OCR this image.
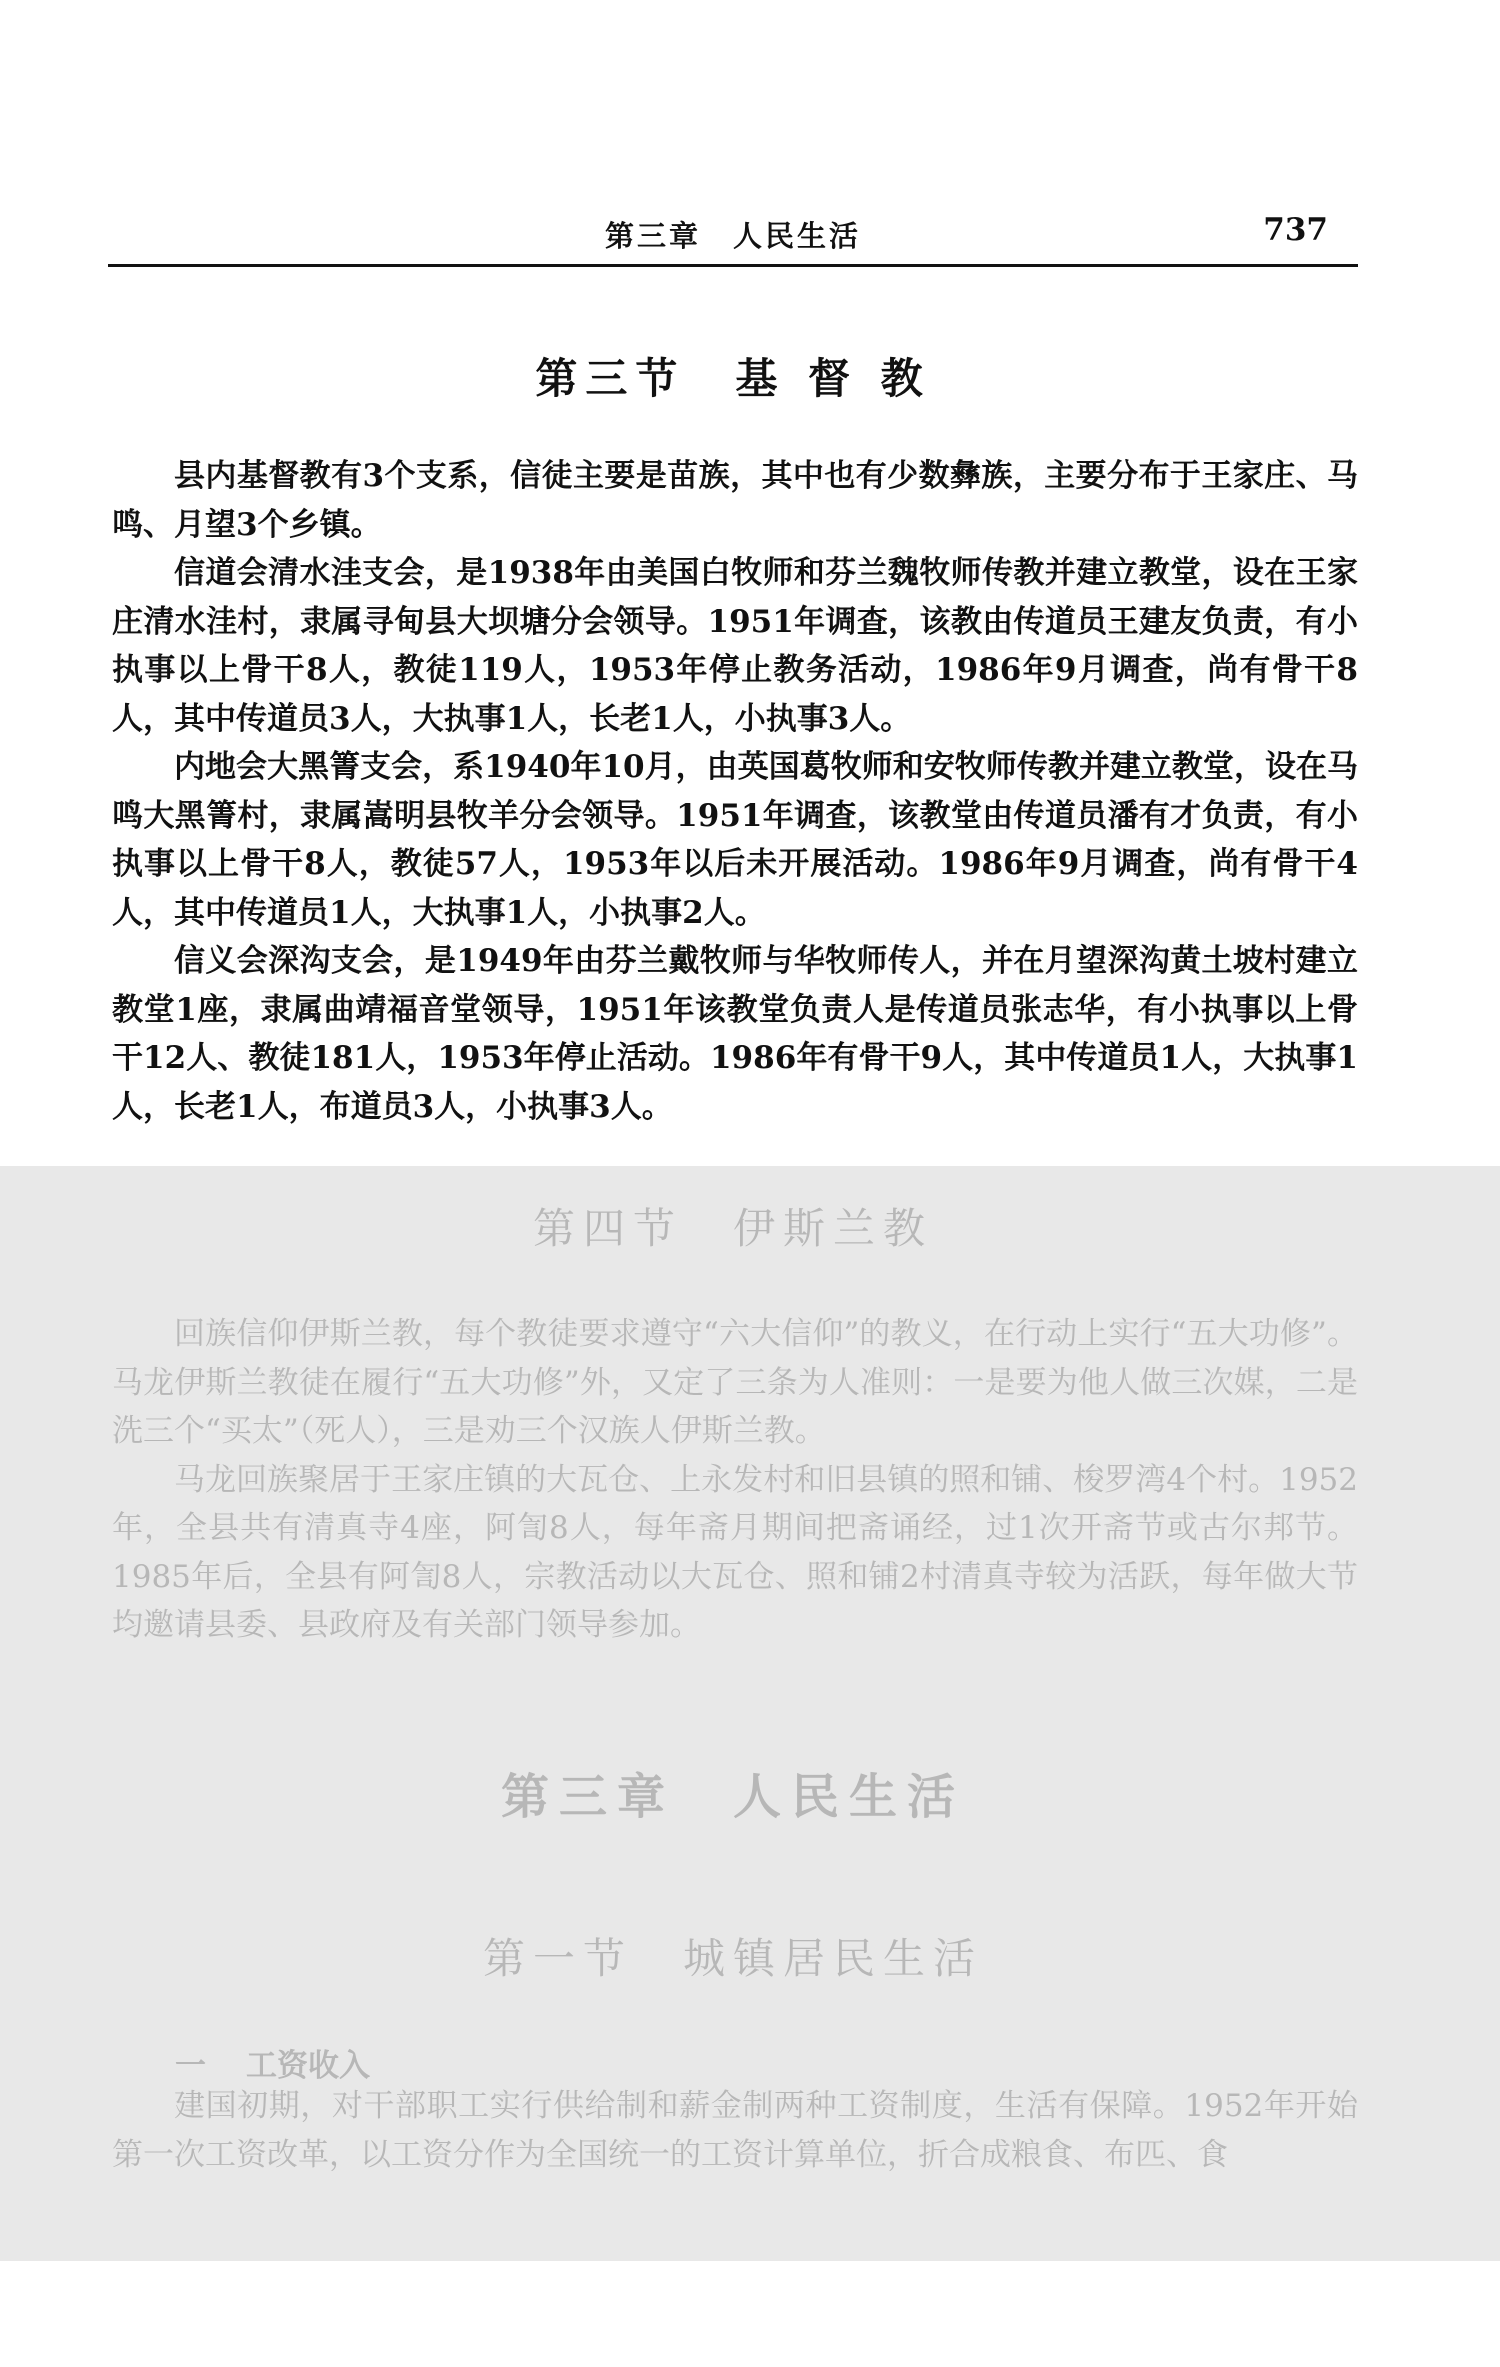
第三章　人民生活	737
第三节　基 督 教

县内基督教有3个支系，信徒主要是苗族，其中也有少数彝族，主要分布于王家庄、马鸣、月望3个乡镇。

信道会清水洼支会，是1938年由美国白牧师和芬兰魏牧师传教并建立教堂，设在王家庄清水洼村，隶属寻甸县大坝塘分会领导。1951年调查，该教由传道员王建友负责，有小执事以上骨干8人，教徒119人，1953年停止教务活动，1986年9月调查，尚有骨干8人，其中传道员3人，大执事1人，长老1人，小执事3人。

内地会大黑箐支会，系1940年10月，由英国葛牧师和安牧师传教并建立教堂，设在马鸣大黑箐村，隶属嵩明县牧羊分会领导。1951年调查，该教堂由传道员潘有才负责，有小执事以上骨干8人，教徒57人，1953年以后未开展活动。1986年9月调查，尚有骨干4人，其中传道员1人，大执事1人，小执事2人。

信义会深沟支会，是1949年由芬兰戴牧师与华牧师传人，并在月望深沟黄土坡村建立教堂1座，隶属曲靖福音堂领导，1951年该教堂负责人是传道员张志华，有小执事以上骨干12人、教徒181人，1953年停止活动。1986年有骨干9人，其中传道员1人，大执事1人，长老1人，布道员3人，小执事3人。

第四节　伊斯兰教

回族信仰伊斯兰教，每个教徒要求遵守“六大信仰”的教义，在行动上实行“五大功修”。马龙伊斯兰教徒在履行“五大功修”外，又定了三条为人准则：一是要为他人做三次媒，二是洗三个“买太”（死人），三是劝三个汉族人伊斯兰教。

马龙回族聚居于王家庄镇的大瓦仓、上永发村和旧县镇的照和铺、梭罗湾4个村。1952年，全县共有清真寺4座，阿訇8人，每年斋月期间把斋诵经，过1次开斋节或古尔邦节。1985年后，全县有阿訇8人，宗教活动以大瓦仓、照和铺2村清真寺较为活跃，每年做大节均邀请县委、县政府及有关部门领导参加。

第三章　人民生活
第一节　城镇居民生活
一 工资收入

建国初期，对干部职工实行供给制和薪金制两种工资制度，生活有保障。1952年开始第一次工资改革，以工资分作为全国统一的工资计算单位，折合成粮食、布匹、食
